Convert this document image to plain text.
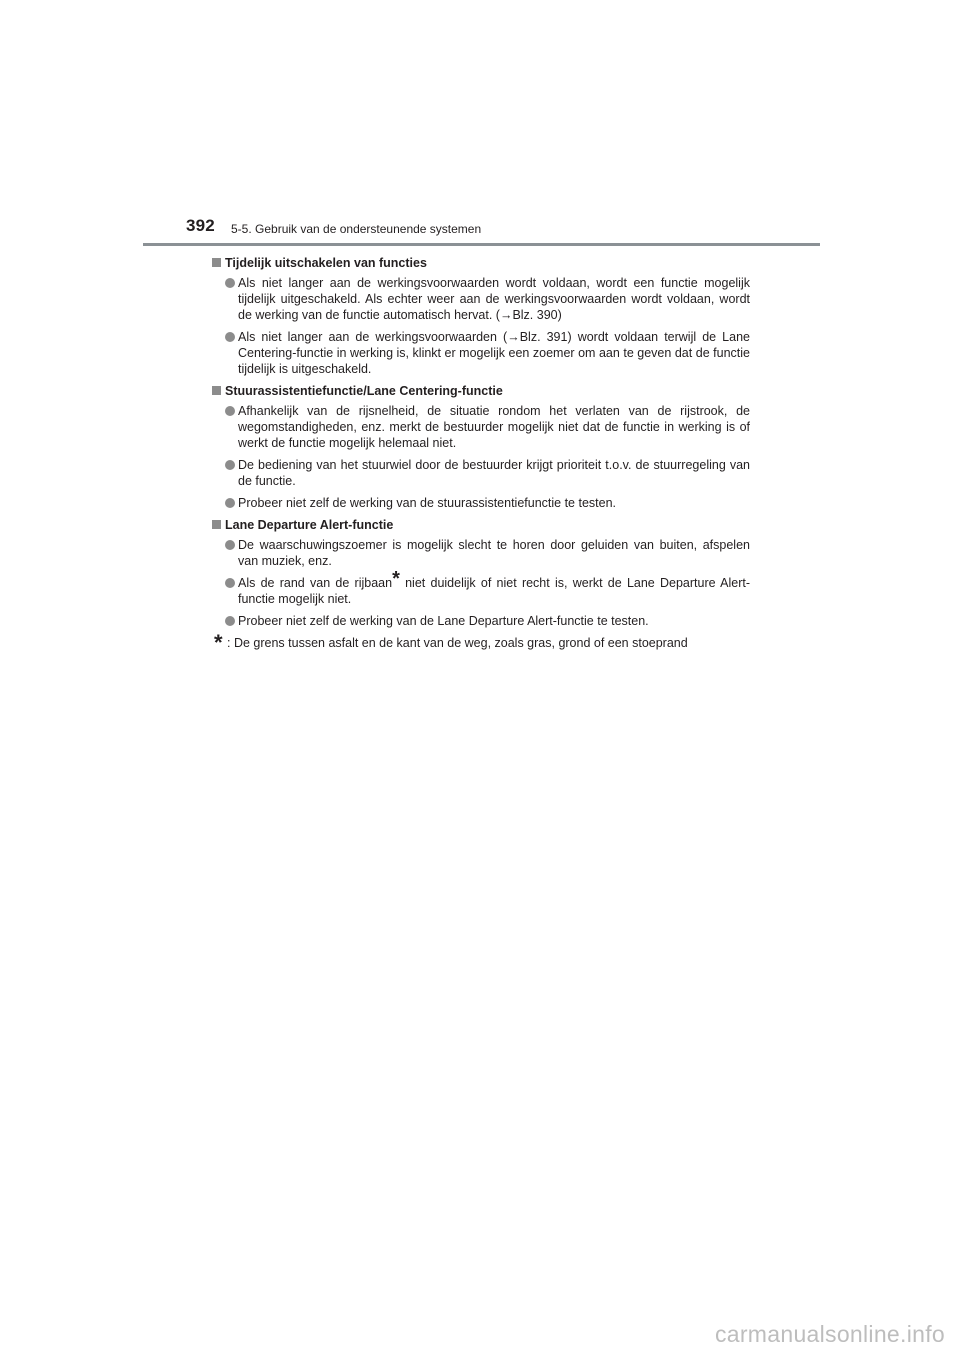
392 5-5. Gebruik van de ondersteunende systemen
Tijdelijk uitschakelen van functies
Als niet langer aan de werkingsvoorwaarden wordt voldaan, wordt een functie mogelijk tijdelijk uitgeschakeld. Als echter weer aan de werkingsvoorwaarden wordt voldaan, wordt de werking van de functie automatisch hervat. (→Blz. 390)
Als niet langer aan de werkingsvoorwaarden (→Blz. 391) wordt voldaan terwijl de Lane Centering-functie in werking is, klinkt er mogelijk een zoemer om aan te geven dat de functie tijdelijk is uitgeschakeld.
Stuurassistentiefunctie/Lane Centering-functie
Afhankelijk van de rijsnelheid, de situatie rondom het verlaten van de rijstrook, de wegomstandigheden, enz. merkt de bestuurder mogelijk niet dat de functie in werking is of werkt de functie mogelijk helemaal niet.
De bediening van het stuurwiel door de bestuurder krijgt prioriteit t.o.v. de stuurregeling van de functie.
Probeer niet zelf de werking van de stuurassistentiefunctie te testen.
Lane Departure Alert-functie
De waarschuwingszoemer is mogelijk slecht te horen door geluiden van buiten, afspelen van muziek, enz.
Als de rand van de rijbaan* niet duidelijk of niet recht is, werkt de Lane Departure Alert-functie mogelijk niet.
Probeer niet zelf de werking van de Lane Departure Alert-functie te testen.
* : De grens tussen asfalt en de kant van de weg, zoals gras, grond of een stoeprand
carmanualsonline.info
